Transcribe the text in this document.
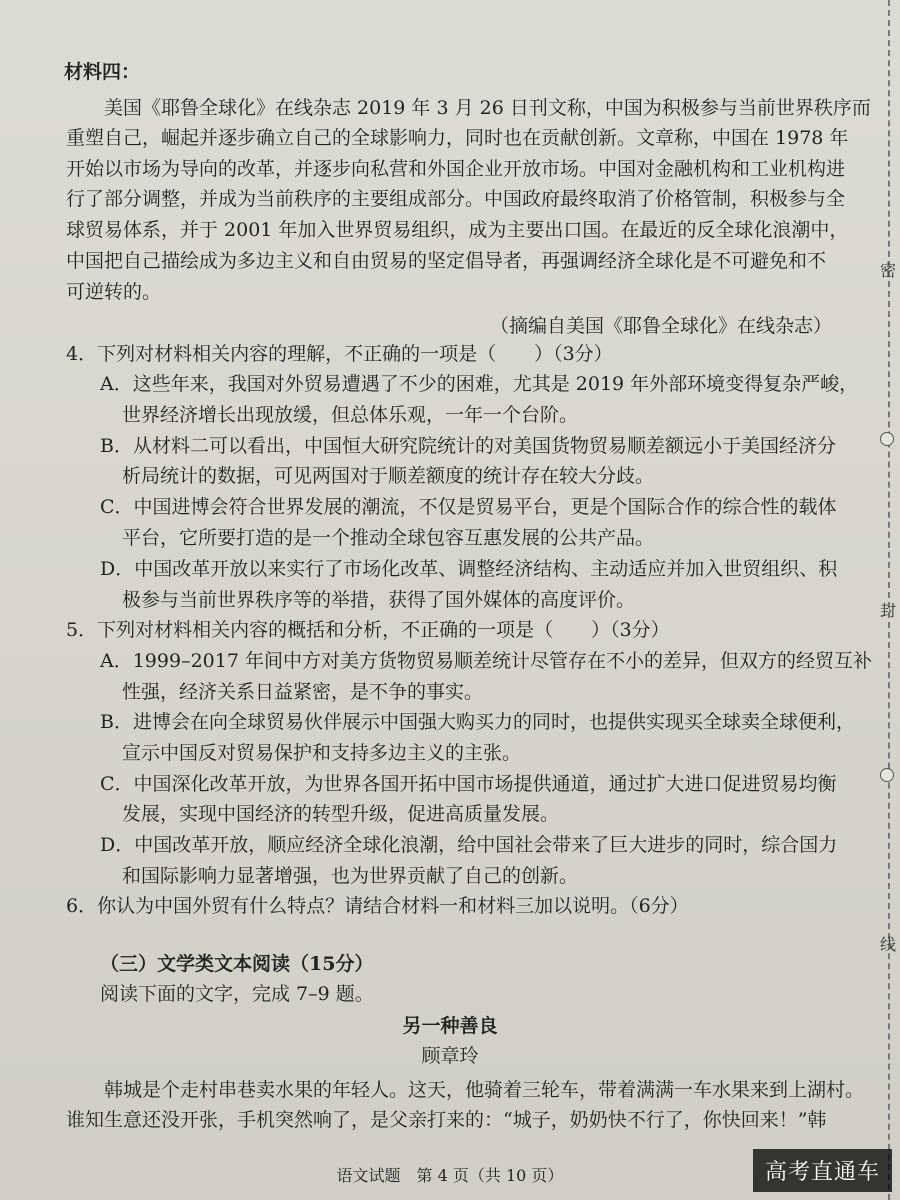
材料四：
美国《耶鲁全球化》在线杂志 2019 年 3 月 26 日刊文称，中国为积极参与当前世界秩序而
重塑自己，崛起并逐步确立自己的全球影响力，同时也在贡献创新。文章称，中国在 1978 年
开始以市场为导向的改革，并逐步向私营和外国企业开放市场。中国对金融机构和工业机构进
行了部分调整，并成为当前秩序的主要组成部分。中国政府最终取消了价格管制，积极参与全
球贸易体系，并于 2001 年加入世界贸易组织，成为主要出口国。在最近的反全球化浪潮中，
中国把自己描绘成为多边主义和自由贸易的坚定倡导者，再强调经济全球化是不可避免和不
可逆转的。
（摘编自美国《耶鲁全球化》在线杂志）
4．下列对材料相关内容的理解，不正确的一项是（　　）（3分）
A．这些年来，我国对外贸易遭遇了不少的困难，尤其是 2019 年外部环境变得复杂严峻，
世界经济增长出现放缓，但总体乐观，一年一个台阶。
B．从材料二可以看出，中国恒大研究院统计的对美国货物贸易顺差额远小于美国经济分
析局统计的数据，可见两国对于顺差额度的统计存在较大分歧。
C．中国进博会符合世界发展的潮流，不仅是贸易平台，更是个国际合作的综合性的载体
平台，它所要打造的是一个推动全球包容互惠发展的公共产品。
D．中国改革开放以来实行了市场化改革、调整经济结构、主动适应并加入世贸组织、积
极参与当前世界秩序等的举措，获得了国外媒体的高度评价。
5．下列对材料相关内容的概括和分析，不正确的一项是（　　）（3分）
A．1999–2017 年间中方对美方货物贸易顺差统计尽管存在不小的差异，但双方的经贸互补
性强，经济关系日益紧密，是不争的事实。
B．进博会在向全球贸易伙伴展示中国强大购买力的同时，也提供实现买全球卖全球便利，
宣示中国反对贸易保护和支持多边主义的主张。
C．中国深化改革开放，为世界各国开拓中国市场提供通道，通过扩大进口促进贸易均衡
发展，实现中国经济的转型升级，促进高质量发展。
D．中国改革开放，顺应经济全球化浪潮，给中国社会带来了巨大进步的同时，综合国力
和国际影响力显著增强，也为世界贡献了自己的创新。
6．你认为中国外贸有什么特点？请结合材料一和材料三加以说明。（6分）
（三）文学类文本阅读（15分）
阅读下面的文字，完成 7–9 题。
另一种善良
顾章玲
韩城是个走村串巷卖水果的年轻人。这天，他骑着三轮车，带着满满一车水果来到上湖村。
谁知生意还没开张，手机突然响了，是父亲打来的：“城子，奶奶快不行了，你快回来！”韩
语文试题　第 4 页（共 10 页）
密
封
线
高考直通车
